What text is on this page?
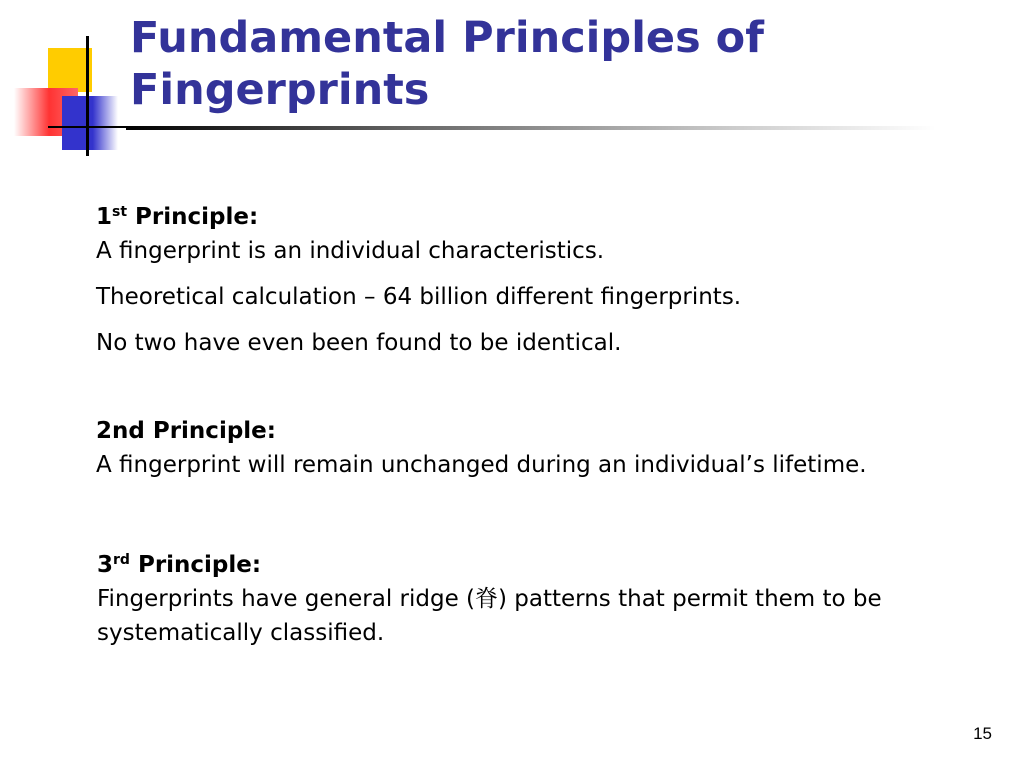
Fundamental Principles of Fingerprints

1st Principle:

A fingerprint is an individual characteristics.

Theoretical calculation – 64 billion different fingerprints.

No two have even been found to be identical.

2nd Principle:

A fingerprint will remain unchanged during an individual’s lifetime.

3rd Principle:

Fingerprints have general ridge (脊) patterns that permit them to be systematically classified.

15
